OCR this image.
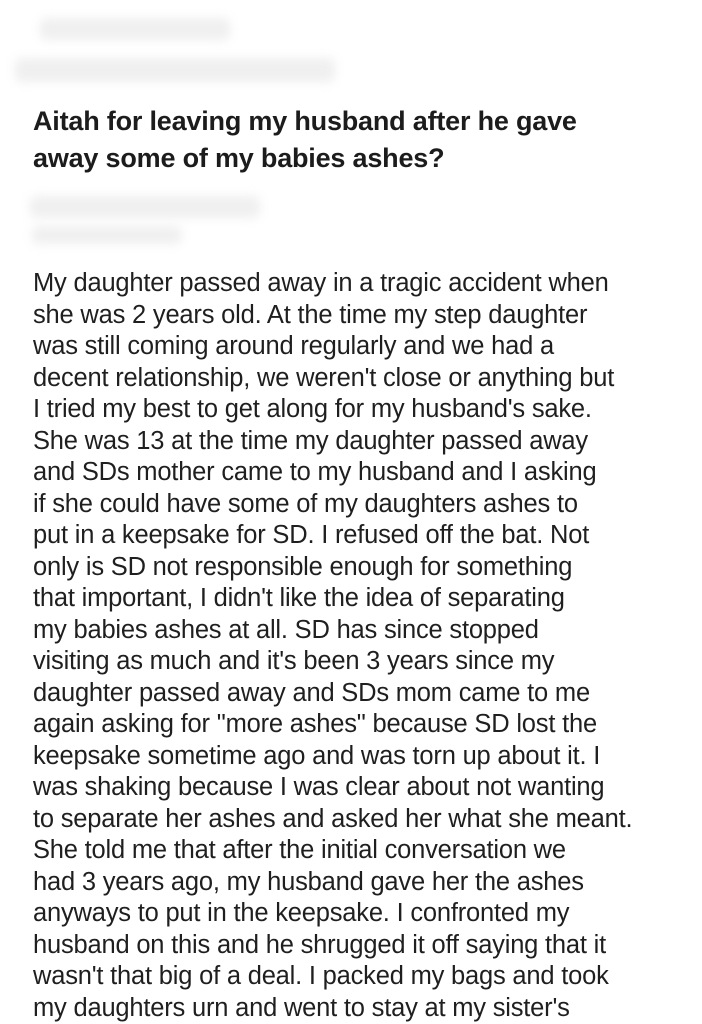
Aitah for leaving my husband after he gave
away some of my babies ashes?
My daughter passed away in a tragic accident when
she was 2 years old. At the time my step daughter
was still coming around regularly and we had a
decent relationship, we weren't close or anything but
I tried my best to get along for my husband's sake.
She was 13 at the time my daughter passed away
and SDs mother came to my husband and I asking
if she could have some of my daughters ashes to
put in a keepsake for SD. I refused off the bat. Not
only is SD not responsible enough for something
that important, I didn't like the idea of separating
my babies ashes at all. SD has since stopped
visiting as much and it's been 3 years since my
daughter passed away and SDs mom came to me
again asking for "more ashes" because SD lost the
keepsake sometime ago and was torn up about it. I
was shaking because I was clear about not wanting
to separate her ashes and asked her what she meant.
She told me that after the initial conversation we
had 3 years ago, my husband gave her the ashes
anyways to put in the keepsake. I confronted my
husband on this and he shrugged it off saying that it
wasn't that big of a deal. I packed my bags and took
my daughters urn and went to stay at my sister's
